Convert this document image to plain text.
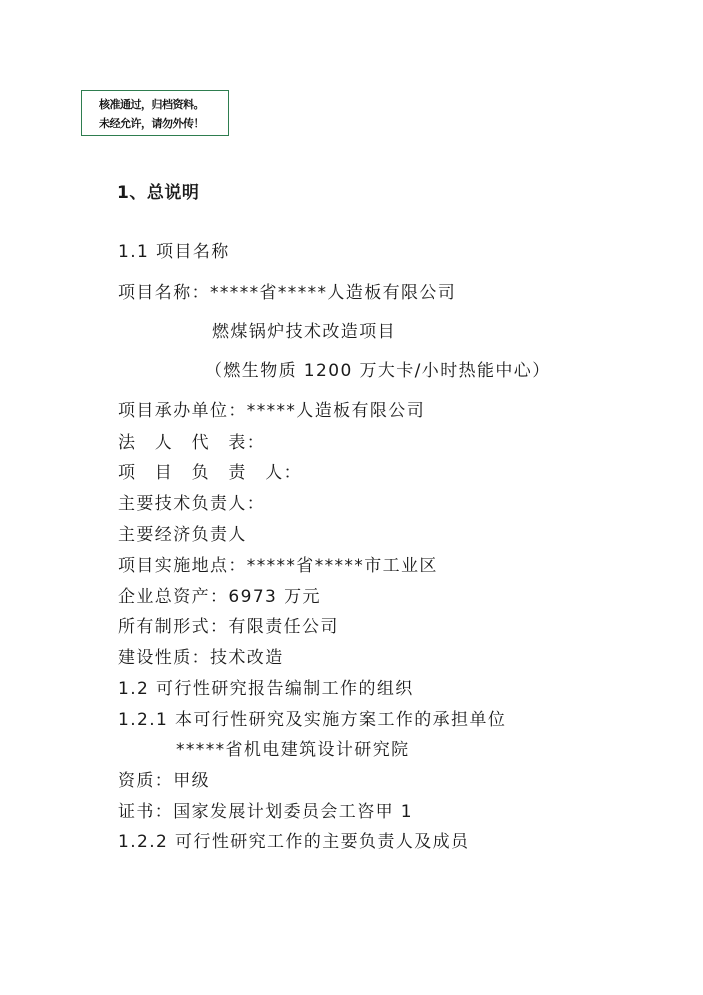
核准通过，归档资料。
未经允许，请勿外传！
1、总说明
1.1 项目名称
项目名称：*****省*****人造板有限公司
燃煤锅炉技术改造项目
（燃生物质 1200 万大卡/小时热能中心）
项目承办单位：*****人造板有限公司
法　人　代　表：
项　目　负　责　人：
主要技术负责人：
主要经济负责人
项目实施地点：*****省*****市工业区
企业总资产：6973 万元
所有制形式：有限责任公司
建设性质：技术改造
1.2 可行性研究报告编制工作的组织
1.2.1 本可行性研究及实施方案工作的承担单位
*****省机电建筑设计研究院
资质：甲级
证书：国家发展计划委员会工咨甲 1
1.2.2 可行性研究工作的主要负责人及成员
